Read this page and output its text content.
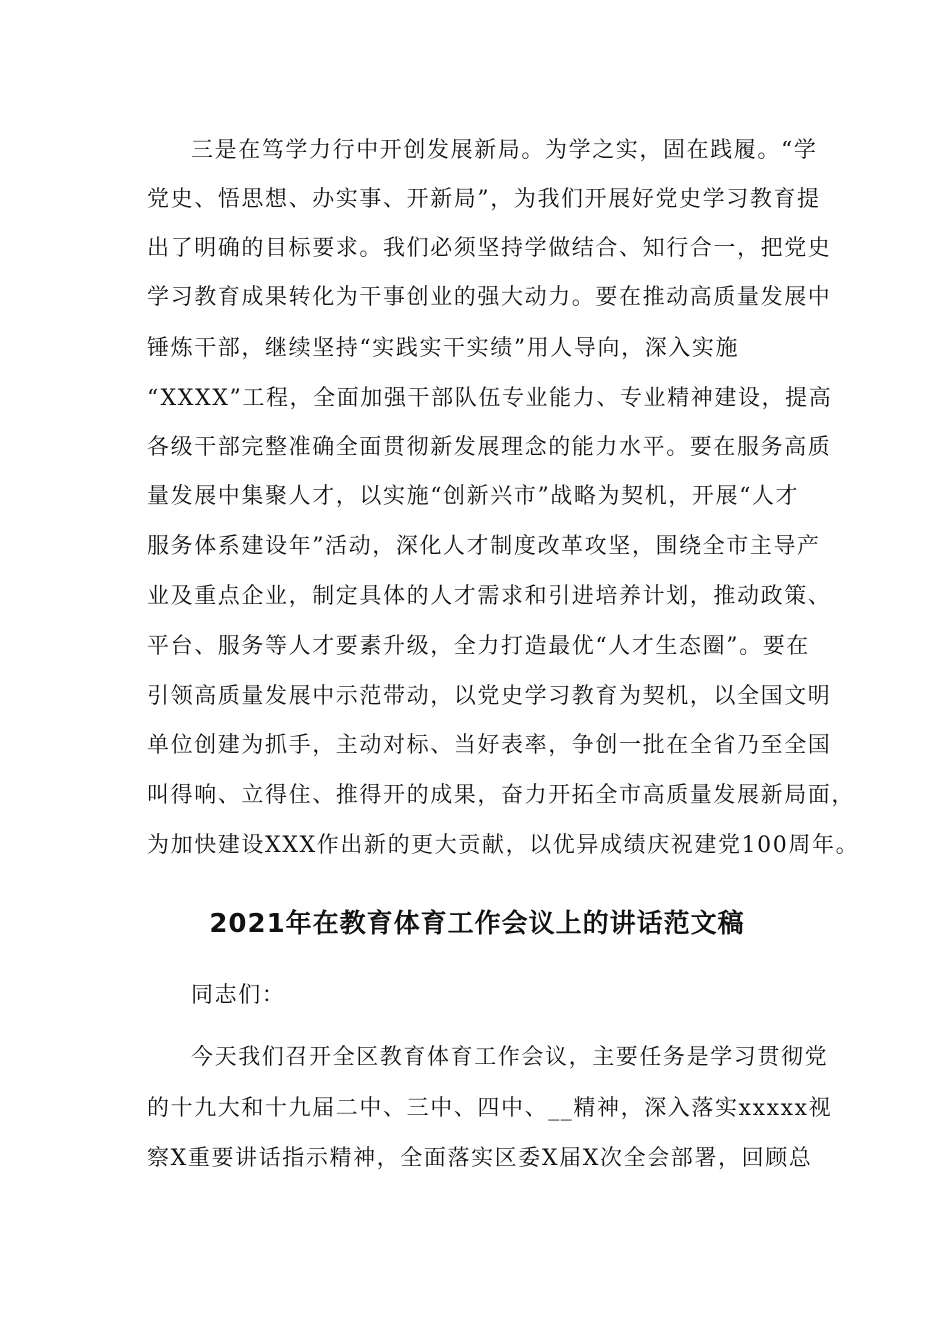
三是在笃学力行中开创发展新局。为学之实，固在践履。“学
党史、悟思想、办实事、开新局”，为我们开展好党史学习教育提
出了明确的目标要求。我们必须坚持学做结合、知行合一，把党史
学习教育成果转化为干事创业的强大动力。要在推动高质量发展中
锤炼干部，继续坚持“实践实干实绩”用人导向，深入实施
“XXXX”工程，全面加强干部队伍专业能力、专业精神建设，提高
各级干部完整准确全面贯彻新发展理念的能力水平。要在服务高质
量发展中集聚人才，以实施“创新兴市”战略为契机，开展“人才
服务体系建设年”活动，深化人才制度改革攻坚，围绕全市主导产
业及重点企业，制定具体的人才需求和引进培养计划，推动政策、
平台、服务等人才要素升级，全力打造最优“人才生态圈”。要在
引领高质量发展中示范带动，以党史学习教育为契机，以全国文明
单位创建为抓手，主动对标、当好表率，争创一批在全省乃至全国
叫得响、立得住、推得开的成果，奋力开拓全市高质量发展新局面，
为加快建设XXX作出新的更大贡献，以优异成绩庆祝建党100周年。
2021年在教育体育工作会议上的讲话范文稿
同志们：
今天我们召开全区教育体育工作会议，主要任务是学习贯彻党
的十九大和十九届二中、三中、四中、__精神，深入落实xxxxx视
察X重要讲话指示精神，全面落实区委X届X次全会部署，回顾总
